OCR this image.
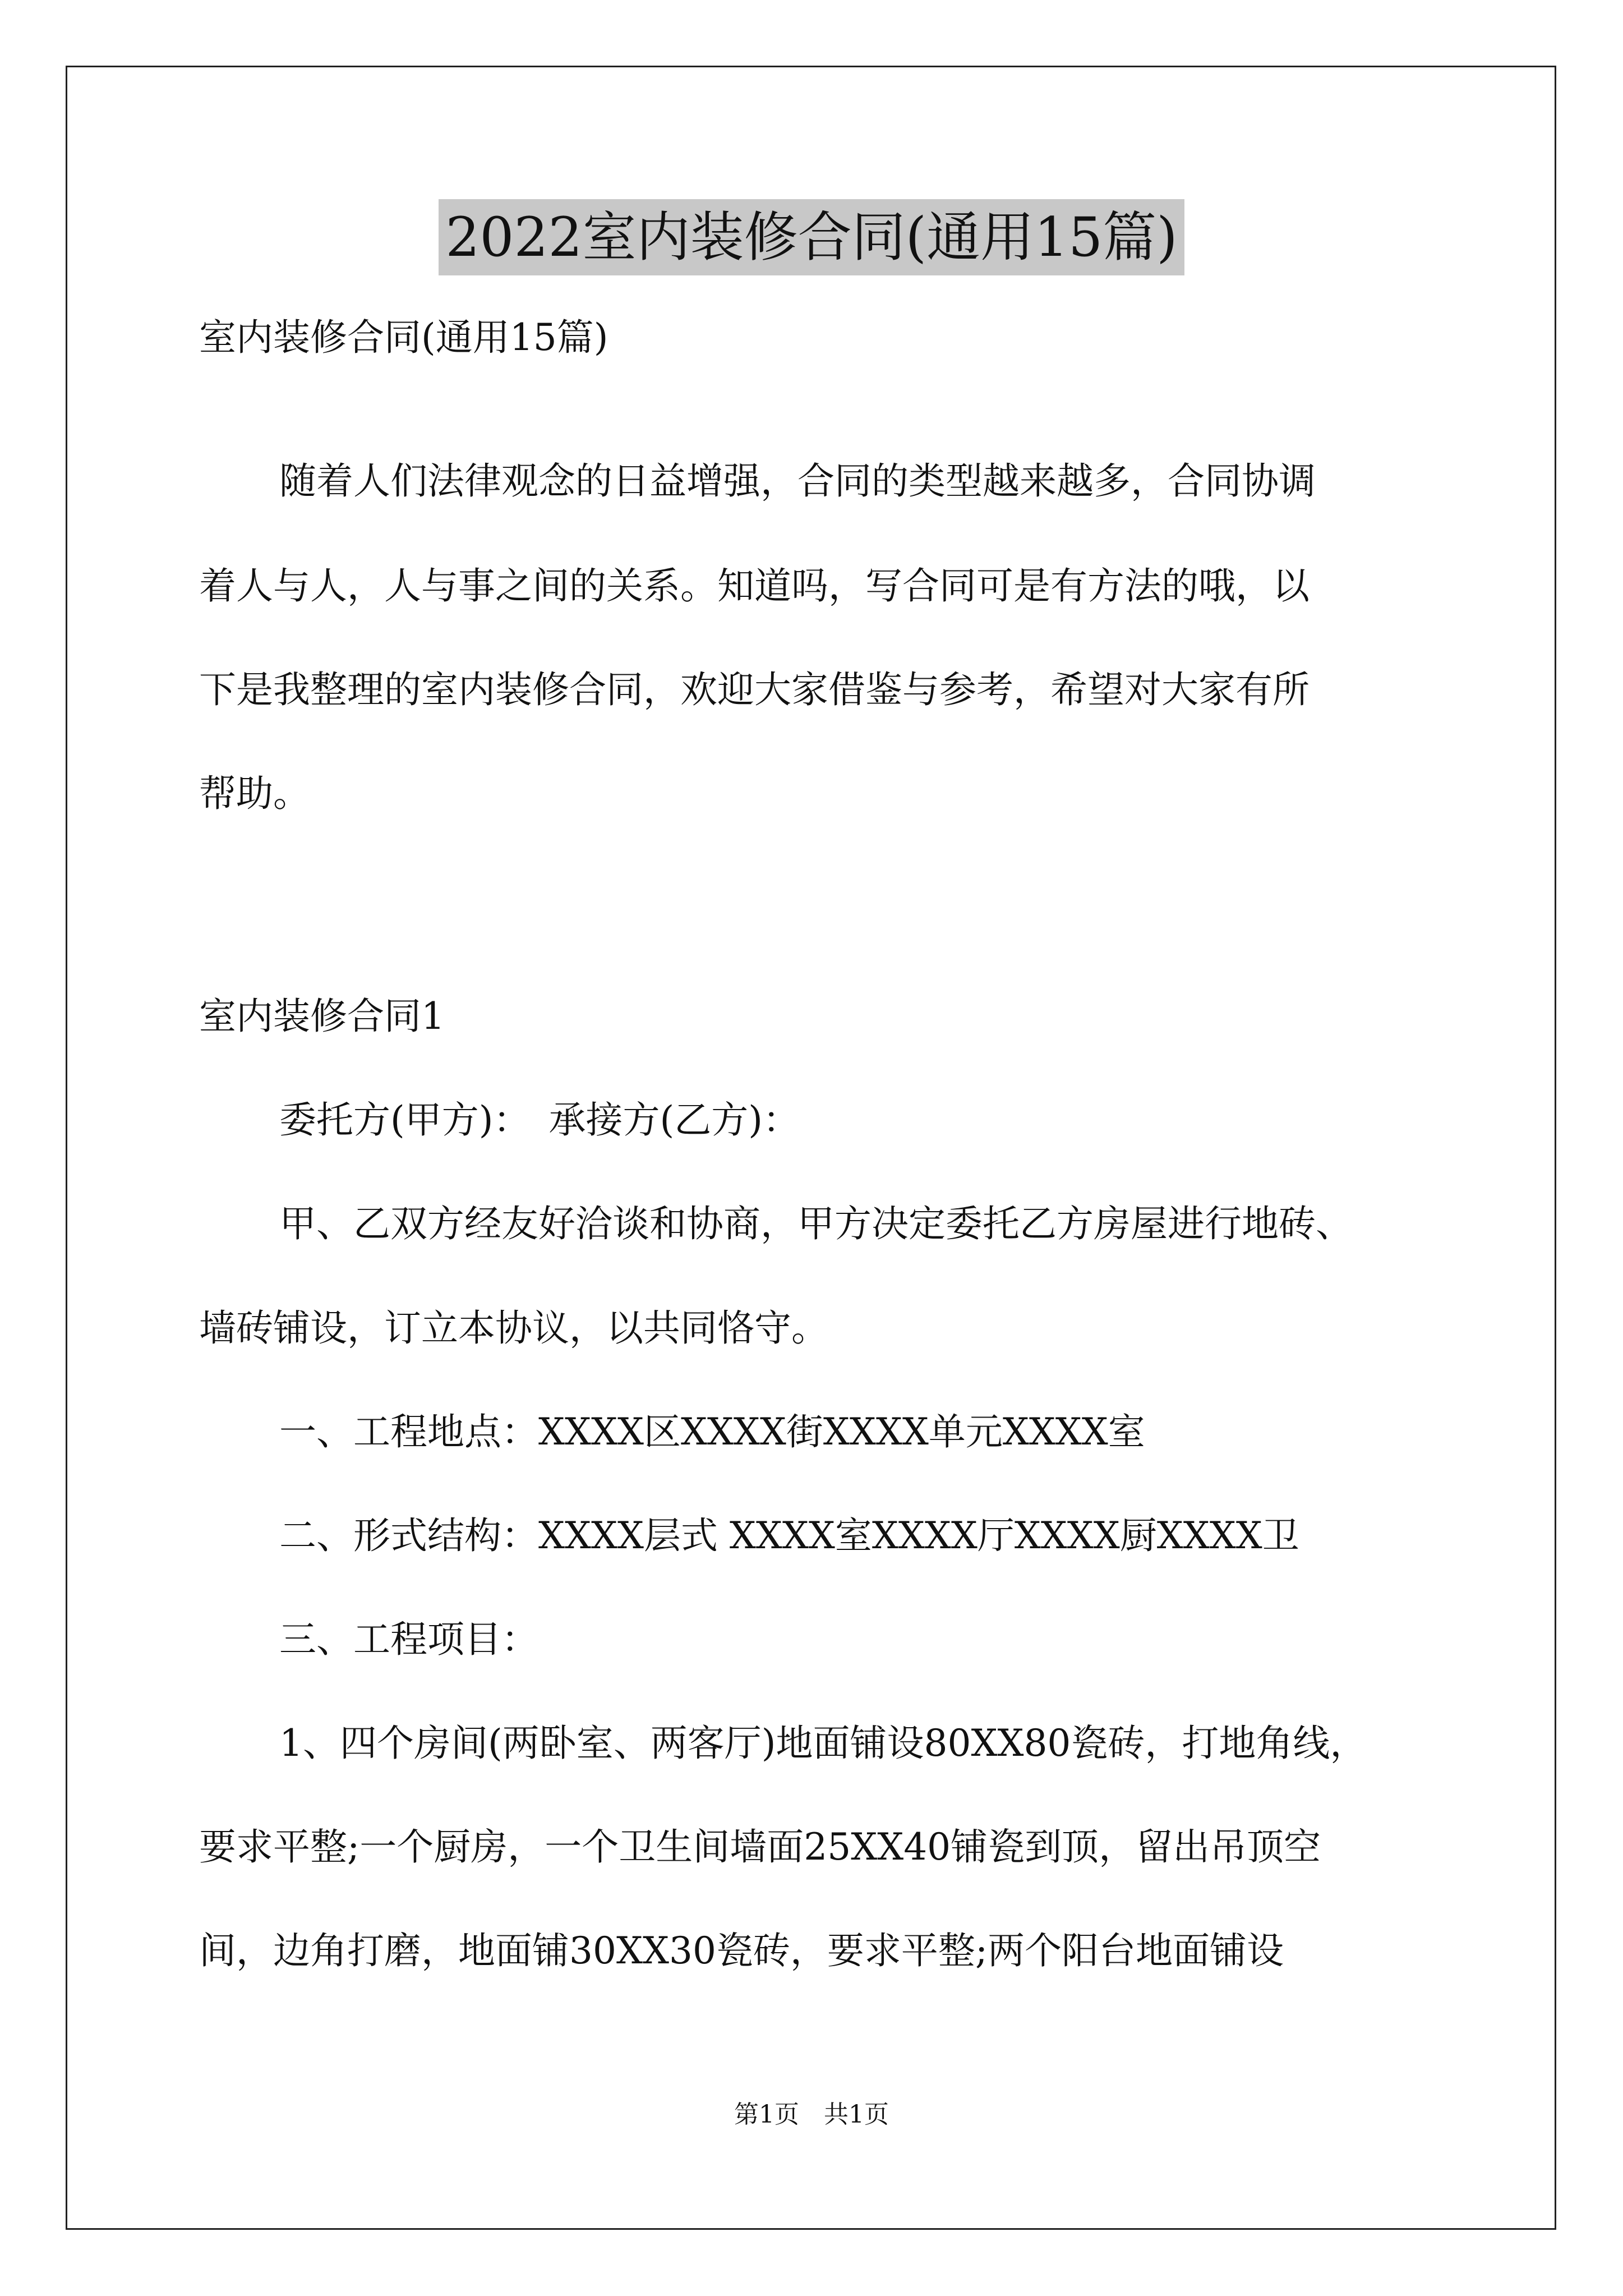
2022室内装修合同(通用15篇)
室内装修合同(通用15篇)
随着人们法律观念的日益增强，合同的类型越来越多，合同协调
着人与人，人与事之间的关系。知道吗，写合同可是有方法的哦，以
下是我整理的室内装修合同，欢迎大家借鉴与参考，希望对大家有所
帮助。
室内装修合同1
委托方(甲方)：　承接方(乙方)：
甲、乙双方经友好洽谈和协商，甲方决定委托乙方房屋进行地砖、
墙砖铺设，订立本协议，以共同恪守。
一、工程地点：XXXX区XXXX街XXXX单元XXXX室
二、形式结构：XXXX层式 XXXX室XXXX厅XXXX厨XXXX卫
三、工程项目：
1、四个房间(两卧室、两客厅)地面铺设80XX80瓷砖，打地角线，
要求平整;一个厨房，一个卫生间墙面25XX40铺瓷到顶，留出吊顶空
间，边角打磨，地面铺30XX30瓷砖，要求平整;两个阳台地面铺设
第1页　共1页
